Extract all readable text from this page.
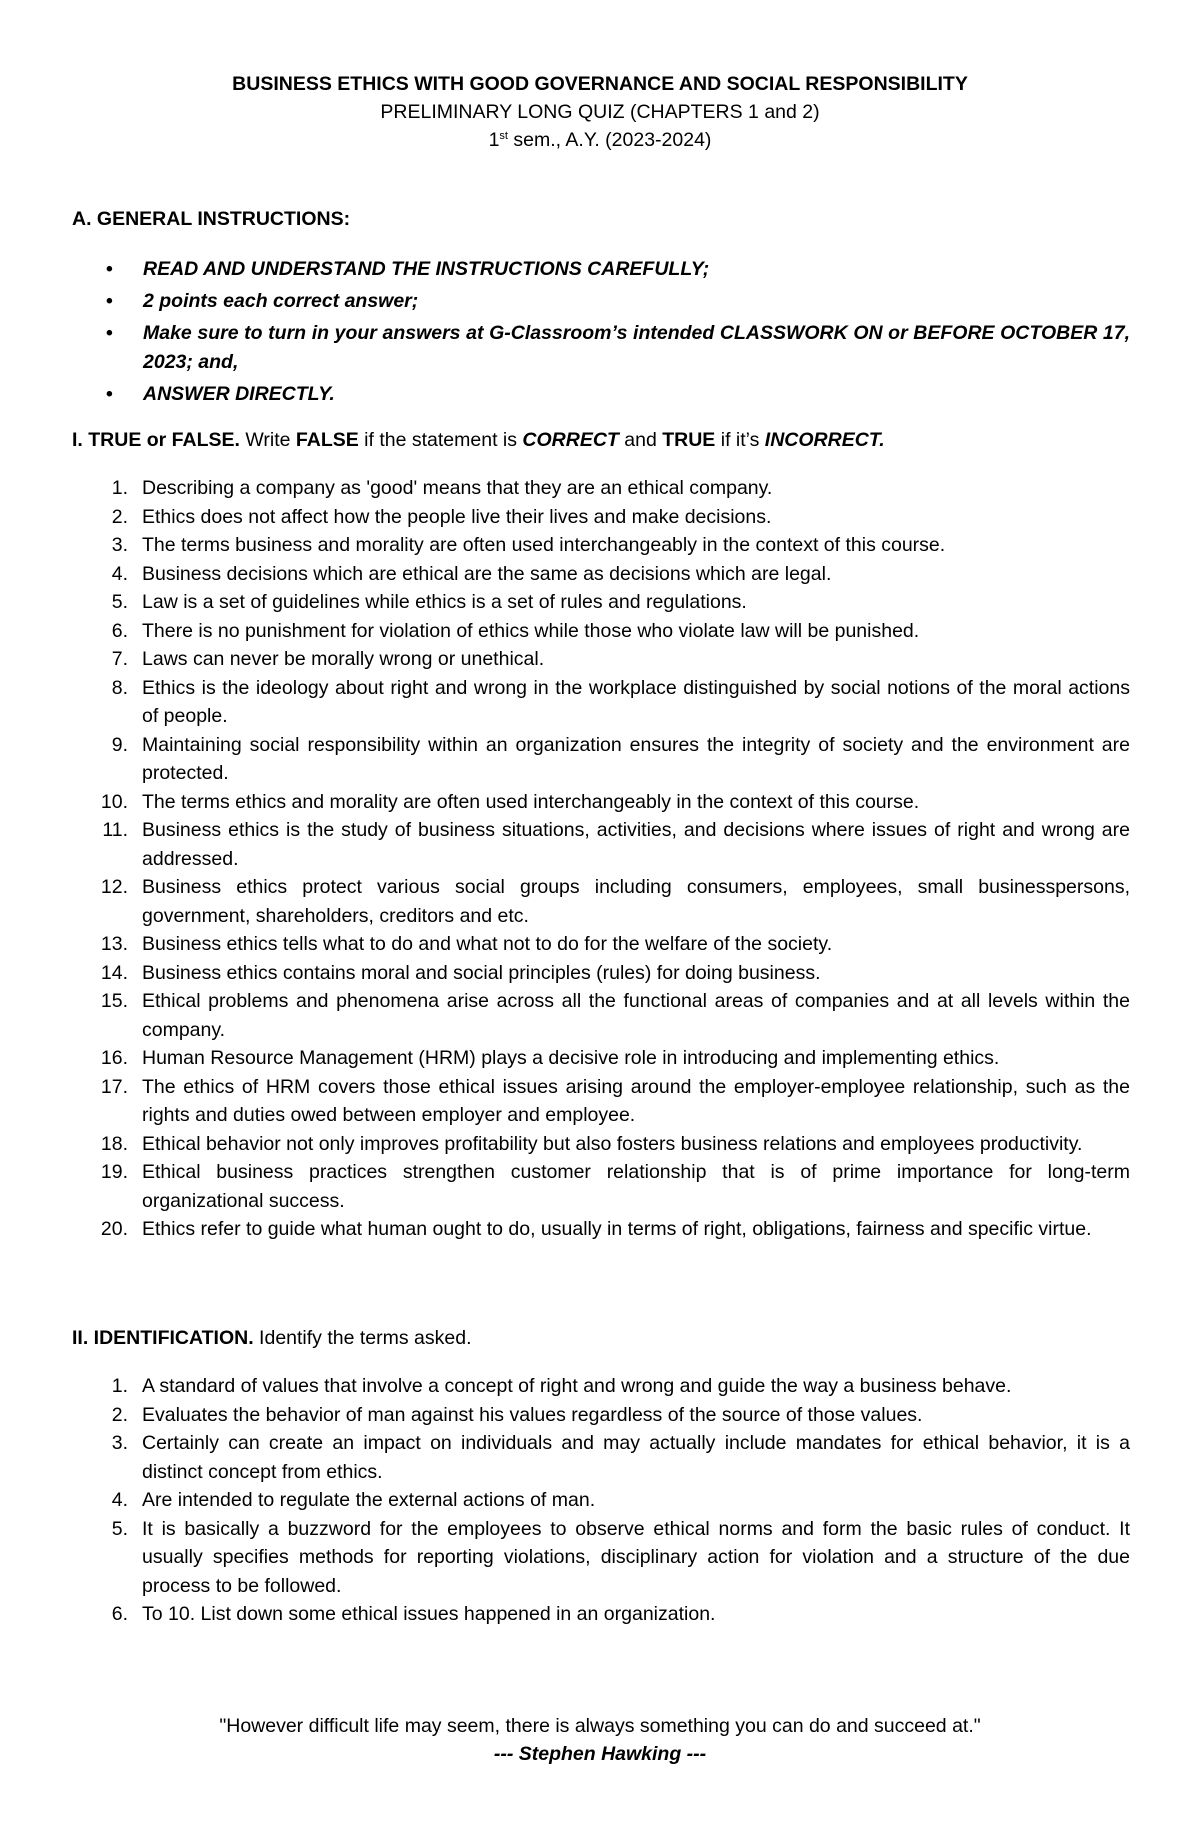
BUSINESS ETHICS WITH GOOD GOVERNANCE AND SOCIAL RESPONSIBILITY
PRELIMINARY LONG QUIZ (CHAPTERS 1 and 2)
1st sem., A.Y. (2023-2024)
A. GENERAL INSTRUCTIONS:
• READ AND UNDERSTAND THE INSTRUCTIONS CAREFULLY;
• 2 points each correct answer;
• Make sure to turn in your answers at G-Classroom’s intended CLASSWORK ON or BEFORE OCTOBER 17, 2023; and,
• ANSWER DIRECTLY.
I. TRUE or FALSE. Write FALSE if the statement is CORRECT and TRUE if it’s INCORRECT.
1. Describing a company as 'good' means that they are an ethical company.
2. Ethics does not affect how the people live their lives and make decisions.
3. The terms business and morality are often used interchangeably in the context of this course.
4. Business decisions which are ethical are the same as decisions which are legal.
5. Law is a set of guidelines while ethics is a set of rules and regulations.
6. There is no punishment for violation of ethics while those who violate law will be punished.
7. Laws can never be morally wrong or unethical.
8. Ethics is the ideology about right and wrong in the workplace distinguished by social notions of the moral actions of people.
9. Maintaining social responsibility within an organization ensures the integrity of society and the environment are protected.
10. The terms ethics and morality are often used interchangeably in the context of this course.
11. Business ethics is the study of business situations, activities, and decisions where issues of right and wrong are addressed.
12. Business ethics protect various social groups including consumers, employees, small businesspersons, government, shareholders, creditors and etc.
13. Business ethics tells what to do and what not to do for the welfare of the society.
14. Business ethics contains moral and social principles (rules) for doing business.
15. Ethical problems and phenomena arise across all the functional areas of companies and at all levels within the company.
16. Human Resource Management (HRM) plays a decisive role in introducing and implementing ethics.
17. The ethics of HRM covers those ethical issues arising around the employer-employee relationship, such as the rights and duties owed between employer and employee.
18. Ethical behavior not only improves profitability but also fosters business relations and employees productivity.
19. Ethical business practices strengthen customer relationship that is of prime importance for long-term organizational success.
20. Ethics refer to guide what human ought to do, usually in terms of right, obligations, fairness and specific virtue.
II. IDENTIFICATION. Identify the terms asked.
1. A standard of values that involve a concept of right and wrong and guide the way a business behave.
2. Evaluates the behavior of man against his values regardless of the source of those values.
3. Certainly can create an impact on individuals and may actually include mandates for ethical behavior, it is a distinct concept from ethics.
4. Are intended to regulate the external actions of man.
5. It is basically a buzzword for the employees to observe ethical norms and form the basic rules of conduct. It usually specifies methods for reporting violations, disciplinary action for violation and a structure of the due process to be followed.
6. To 10. List down some ethical issues happened in an organization.
"However difficult life may seem, there is always something you can do and succeed at."
--- Stephen Hawking ---
